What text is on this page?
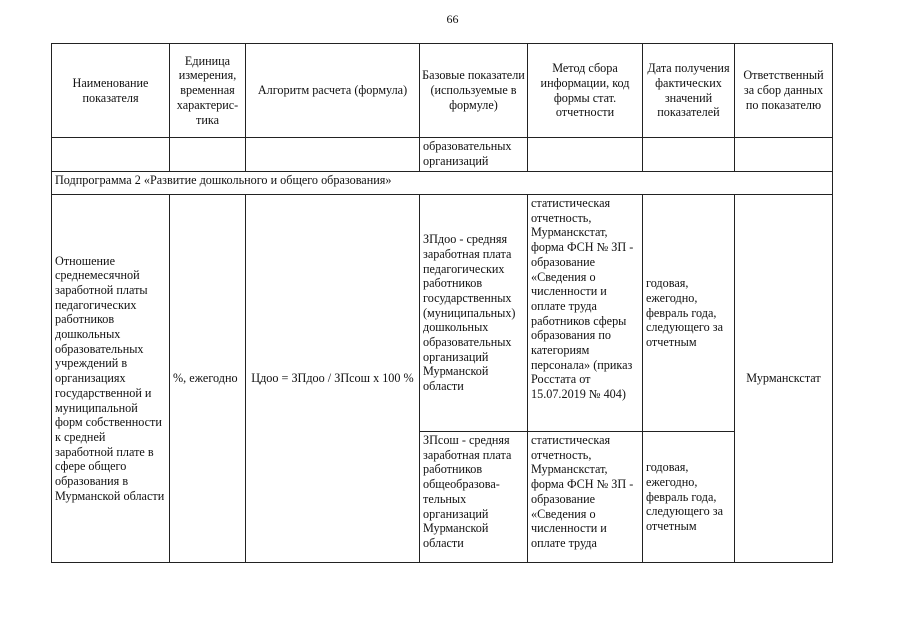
66
Наименование показателя	Единица измерения, временная характерис-тика	Алгоритм расчета (формула)	Базовые показатели (используемые в формуле)	Метод сбора информации, код формы стат. отчетности	Дата получения фактических значений показателей	Ответственный за сбор данных по показателю
			образовательных организаций			
Подпрограмма 2 «Развитие дошкольного и общего образования»						
Отношение среднемесячной заработной платы педагогических работников дошкольных образовательных учреждений в организациях государственной и муниципальной форм собственности к средней заработной плате в сфере общего образования в Мурманской области	%, ежегодно	Цдоо = ЗПдоо / ЗПсош х 100 %	ЗПдоо - средняя заработная плата педагогических работников государственных (муниципальных) дошкольных образовательных организаций Мурманской области	статистическая отчетность, Мурманскстат, форма ФСН № ЗП - образование «Сведения о численности и оплате труда работников сферы образования по категориям персонала» (приказ Росстата от 15.07.2019 № 404)	годовая, ежегодно, февраль года, следующего за отчетным	Мурманскстат
			ЗПсош - средняя заработная плата работников общеобразова-тельных организаций Мурманской области	статистическая отчетность, Мурманскстат, форма ФСН № ЗП - образование «Сведения о численности и оплате труда	годовая, ежегодно, февраль года, следующего за отчетным	
